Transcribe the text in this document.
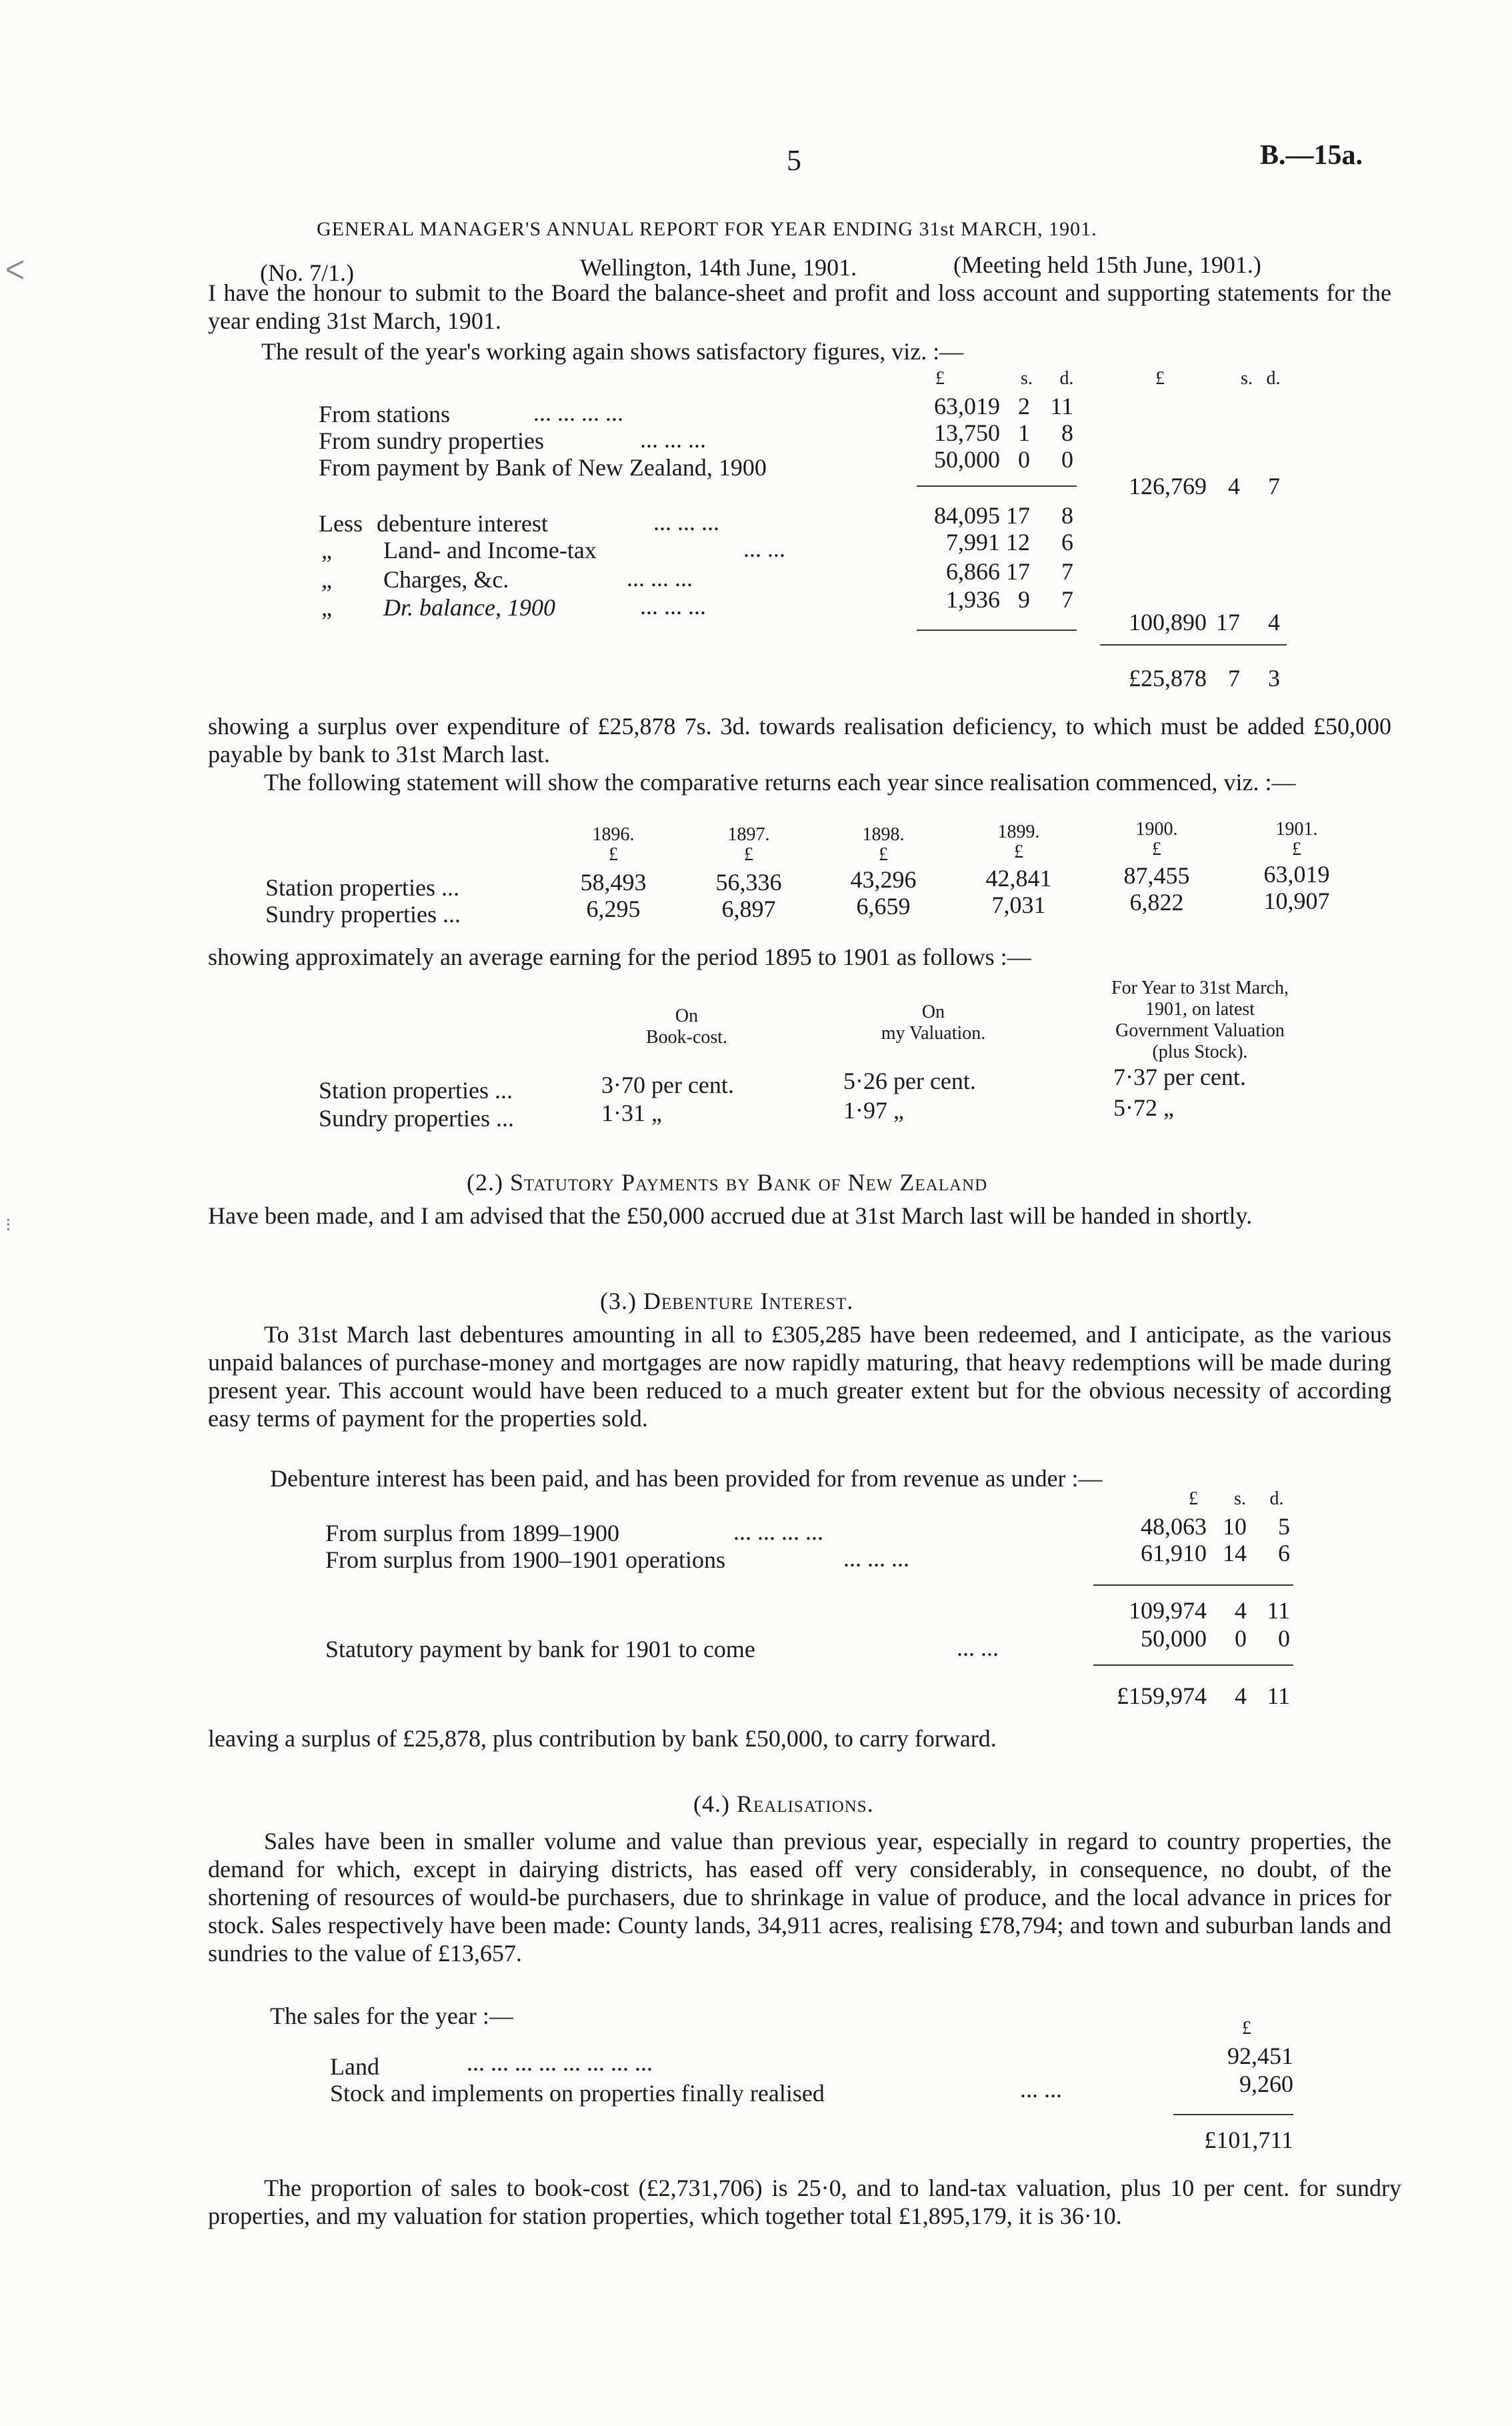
5	B.—15a.
GENERAL MANAGER'S ANNUAL REPORT FOR YEAR ENDING 31st MARCH, 1901.
(No. 7/1.)	Wellington, 14th June, 1901.	(Meeting held 15th June, 1901.)
I have the honour to submit to the Board the balance-sheet and profit and loss account and supporting statements for the year ending 31st March, 1901.
The result of the year's working again shows satisfactory figures, viz. :—
£	s.	d.	£	s. d.
From stations	... ... ... ...	63,019 2 11
From sundry properties	... ... ...	13,750 1	8
From payment by Bank of New Zealand, 1900	50,000 0	0
126,769 4	7
Less debenture interest	... ... ...	84,095 17	8
„ Land- and Income-tax	... ...	7,991 12	6
„ Charges, &c.	... ... ...	6,866 17	7
„ Dr. balance, 1900	... ... ...	1,936 9	7
100,890 17	4
£25,878 7	3
showing a surplus over expenditure of £25,878 7s. 3d. towards realisation deficiency, to which must be added £50,000 payable by bank to 31st March last.
The following statement will show the comparative returns each year since realisation commenced, viz. :—
1896.	1897.	1898.	1899.	1900.	1901.
£	£	£	£	£	£
Station properties ...	58,493	56,336	43,296	42,841	87,455	63,019
Sundry properties ...	6,295	6,897	6,659	7,031	6,822	10,907
showing approximately an average earning for the period 1895 to 1901 as follows :—
On
Book-cost.
On
my Valuation.
For Year to 31st March,
1901, on latest
Government Valuation
(plus Stock).
Station properties ...	3·70 per cent.	5·26 per cent.	7·37 per cent.
Sundry properties ...	1·31 „	1·97 „	5·72 „
(2.) Statutory Payments by Bank of New Zealand
Have been made, and I am advised that the £50,000 accrued due at 31st March last will be handed in shortly.
(3.) Debenture Interest.
To 31st March last debentures amounting in all to £305,285 have been redeemed, and I anticipate, as the various unpaid balances of purchase-money and mortgages are now rapidly maturing, that heavy redemptions will be made during present year. This account would have been reduced to a much greater extent but for the obvious necessity of according easy terms of payment for the properties sold.
Debenture interest has been paid, and has been provided for from revenue as under :—
£	s.	d.
From surplus from 1899–1900	... ... ... ...	48,063 10	5
From surplus from 1900–1901 operations	... ... ...	61,910 14	6
109,974	4 11
Statutory payment by bank for 1901 to come	... ...	50,000	0	0
£159,974	4 11
leaving a surplus of £25,878, plus contribution by bank £50,000, to carry forward.
(4.) Realisations.
Sales have been in smaller volume and value than previous year, especially in regard to country properties, the demand for which, except in dairying districts, has eased off very considerably, in consequence, no doubt, of the shortening of resources of would-be purchasers, due to shrinkage in value of produce, and the local advance in prices for stock. Sales respectively have been made: County lands, 34,911 acres, realising £78,794; and town and suburban lands and sundries to the value of £13,657.
The sales for the year :—	£
Land	... ... ... ... ... ... ... ...	92,451
Stock and implements on properties finally realised	... ...	9,260
£101,711
The proportion of sales to book-cost (£2,731,706) is 25·0, and to land-tax valuation, plus 10 per cent. for sundry properties, and my valuation for station properties, which together total £1,895,179, it is 36·10.
ᐸ
⁝
